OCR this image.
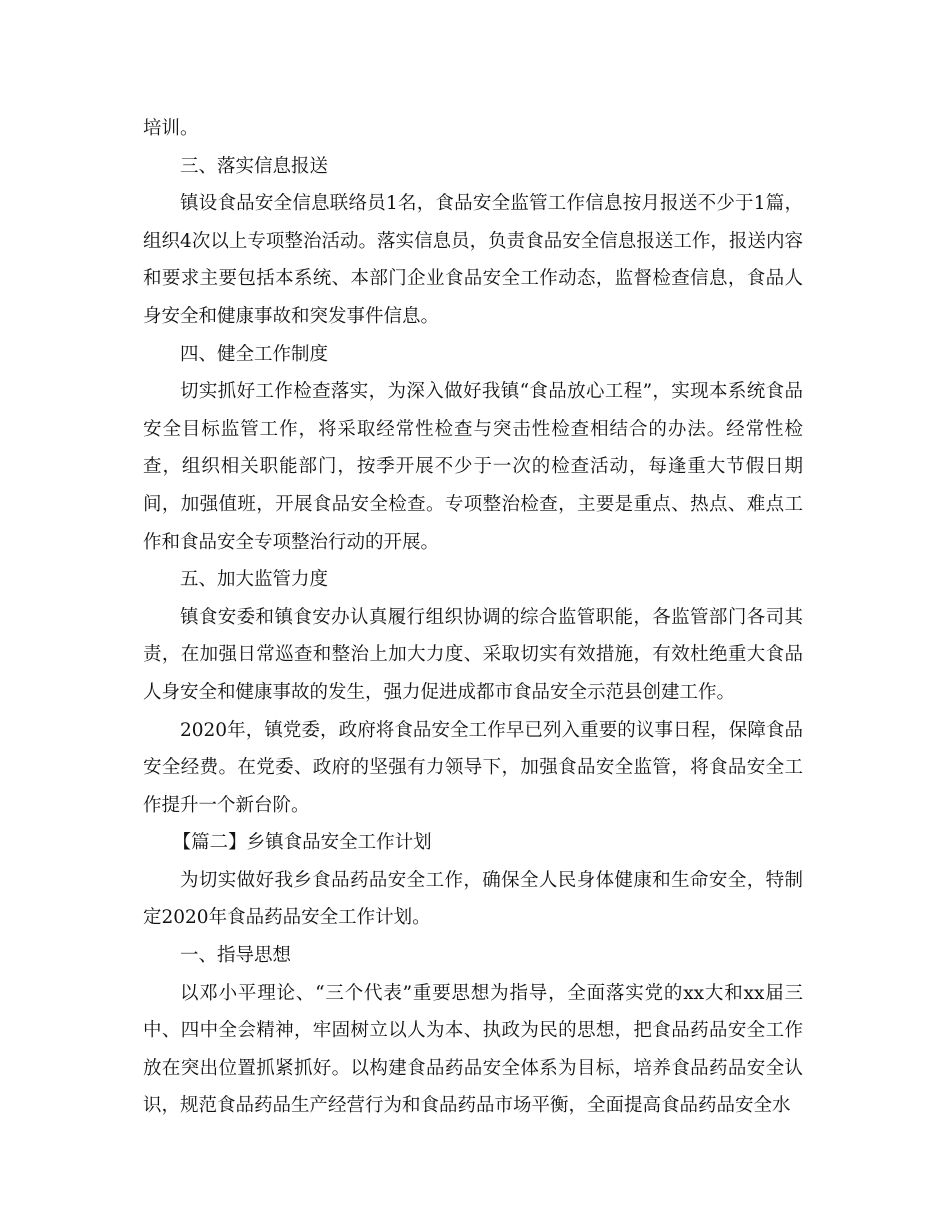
培训。

三、落实信息报送

镇设食品安全信息联络员1名，食品安全监管工作信息按月报送不少于1篇，组织4次以上专项整治活动。落实信息员，负责食品安全信息报送工作，报送内容和要求主要包括本系统、本部门企业食品安全工作动态，监督检查信息，食品人身安全和健康事故和突发事件信息。

四、健全工作制度

切实抓好工作检查落实，为深入做好我镇“食品放心工程”，实现本系统食品安全目标监管工作，将采取经常性检查与突击性检查相结合的办法。经常性检查，组织相关职能部门，按季开展不少于一次的检查活动，每逢重大节假日期间，加强值班，开展食品安全检查。专项整治检查，主要是重点、热点、难点工作和食品安全专项整治行动的开展。

五、加大监管力度

镇食安委和镇食安办认真履行组织协调的综合监管职能，各监管部门各司其责，在加强日常巡查和整治上加大力度、采取切实有效措施，有效杜绝重大食品人身安全和健康事故的发生，强力促进成都市食品安全示范县创建工作。

2020年，镇党委，政府将食品安全工作早已列入重要的议事日程，保障食品安全经费。在党委、政府的坚强有力领导下，加强食品安全监管，将食品安全工作提升一个新台阶。

【篇二】乡镇食品安全工作计划

为切实做好我乡食品药品安全工作，确保全人民身体健康和生命安全，特制定2020年食品药品安全工作计划。

一、指导思想

以邓小平理论、“三个代表”重要思想为指导，全面落实党的xx大和xx届三中、四中全会精神，牢固树立以人为本、执政为民的思想，把食品药品安全工作放在突出位置抓紧抓好。以构建食品药品安全体系为目标，培养食品药品安全认识，规范食品药品生产经营行为和食品药品市场平衡，全面提高食品药品安全水
